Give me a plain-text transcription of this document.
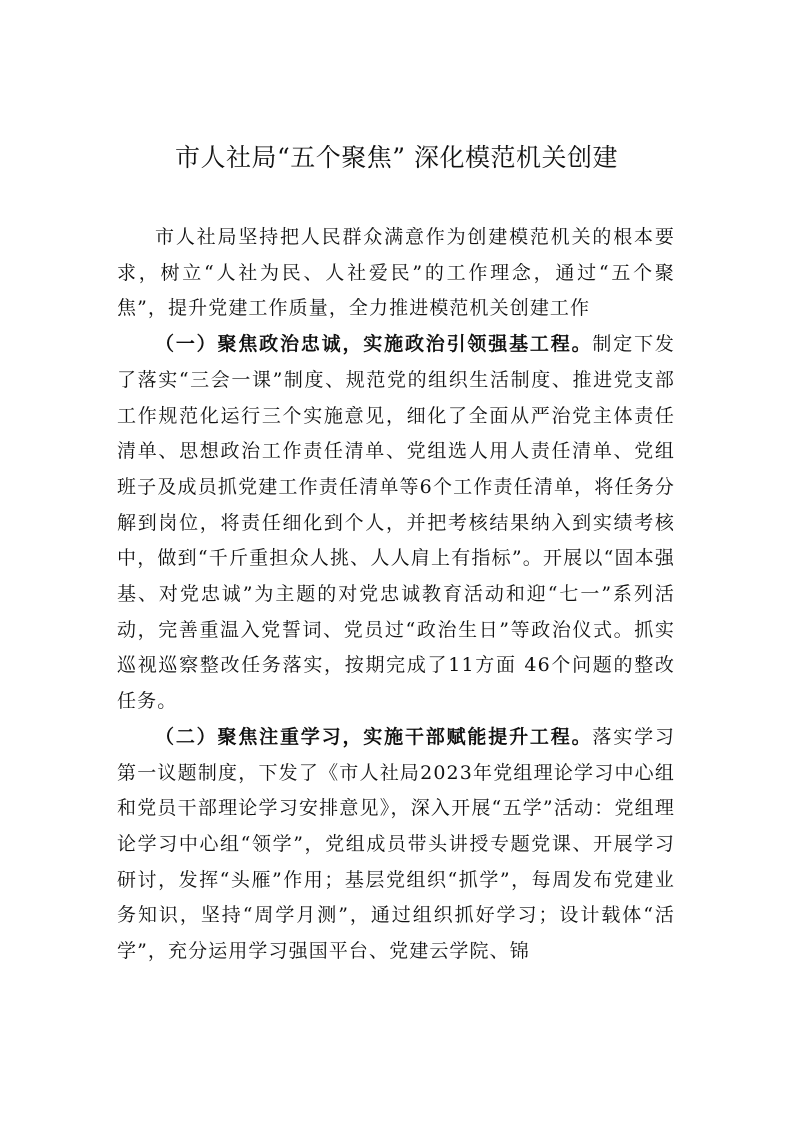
市人社局“五个聚焦” 深化模范机关创建

市人社局坚持把人民群众满意作为创建模范机关的根本要求，树立“人社为民、人社爱民”的工作理念，通过“五个聚焦”，提升党建工作质量，全力推进模范机关创建工作

（一）聚焦政治忠诚，实施政治引领强基工程。制定下发了落实“三会一课”制度、规范党的组织生活制度、推进党支部工作规范化运行三个实施意见，细化了全面从严治党主体责任清单、思想政治工作责任清单、党组选人用人责任清单、党组班子及成员抓党建工作责任清单等6个工作责任清单，将任务分解到岗位，将责任细化到个人，并把考核结果纳入到实绩考核中，做到“千斤重担众人挑、人人肩上有指标”。开展以“固本强基、对党忠诚”为主题的对党忠诚教育活动和迎“七一”系列活动，完善重温入党誓词、党员过“政治生日”等政治仪式。抓实巡视巡察整改任务落实，按期完成了11方面 46个问题的整改任务。

（二）聚焦注重学习，实施干部赋能提升工程。落实学习第一议题制度，下发了《市人社局2023年党组理论学习中心组和党员干部理论学习安排意见》，深入开展“五学”活动：党组理论学习中心组“领学”，党组成员带头讲授专题党课、开展学习研讨，发挥“头雁”作用；基层党组织“抓学”，每周发布党建业务知识，坚持“周学月测”，通过组织抓好学习；设计载体“活学”，充分运用学习强国平台、党建云学院、锦
